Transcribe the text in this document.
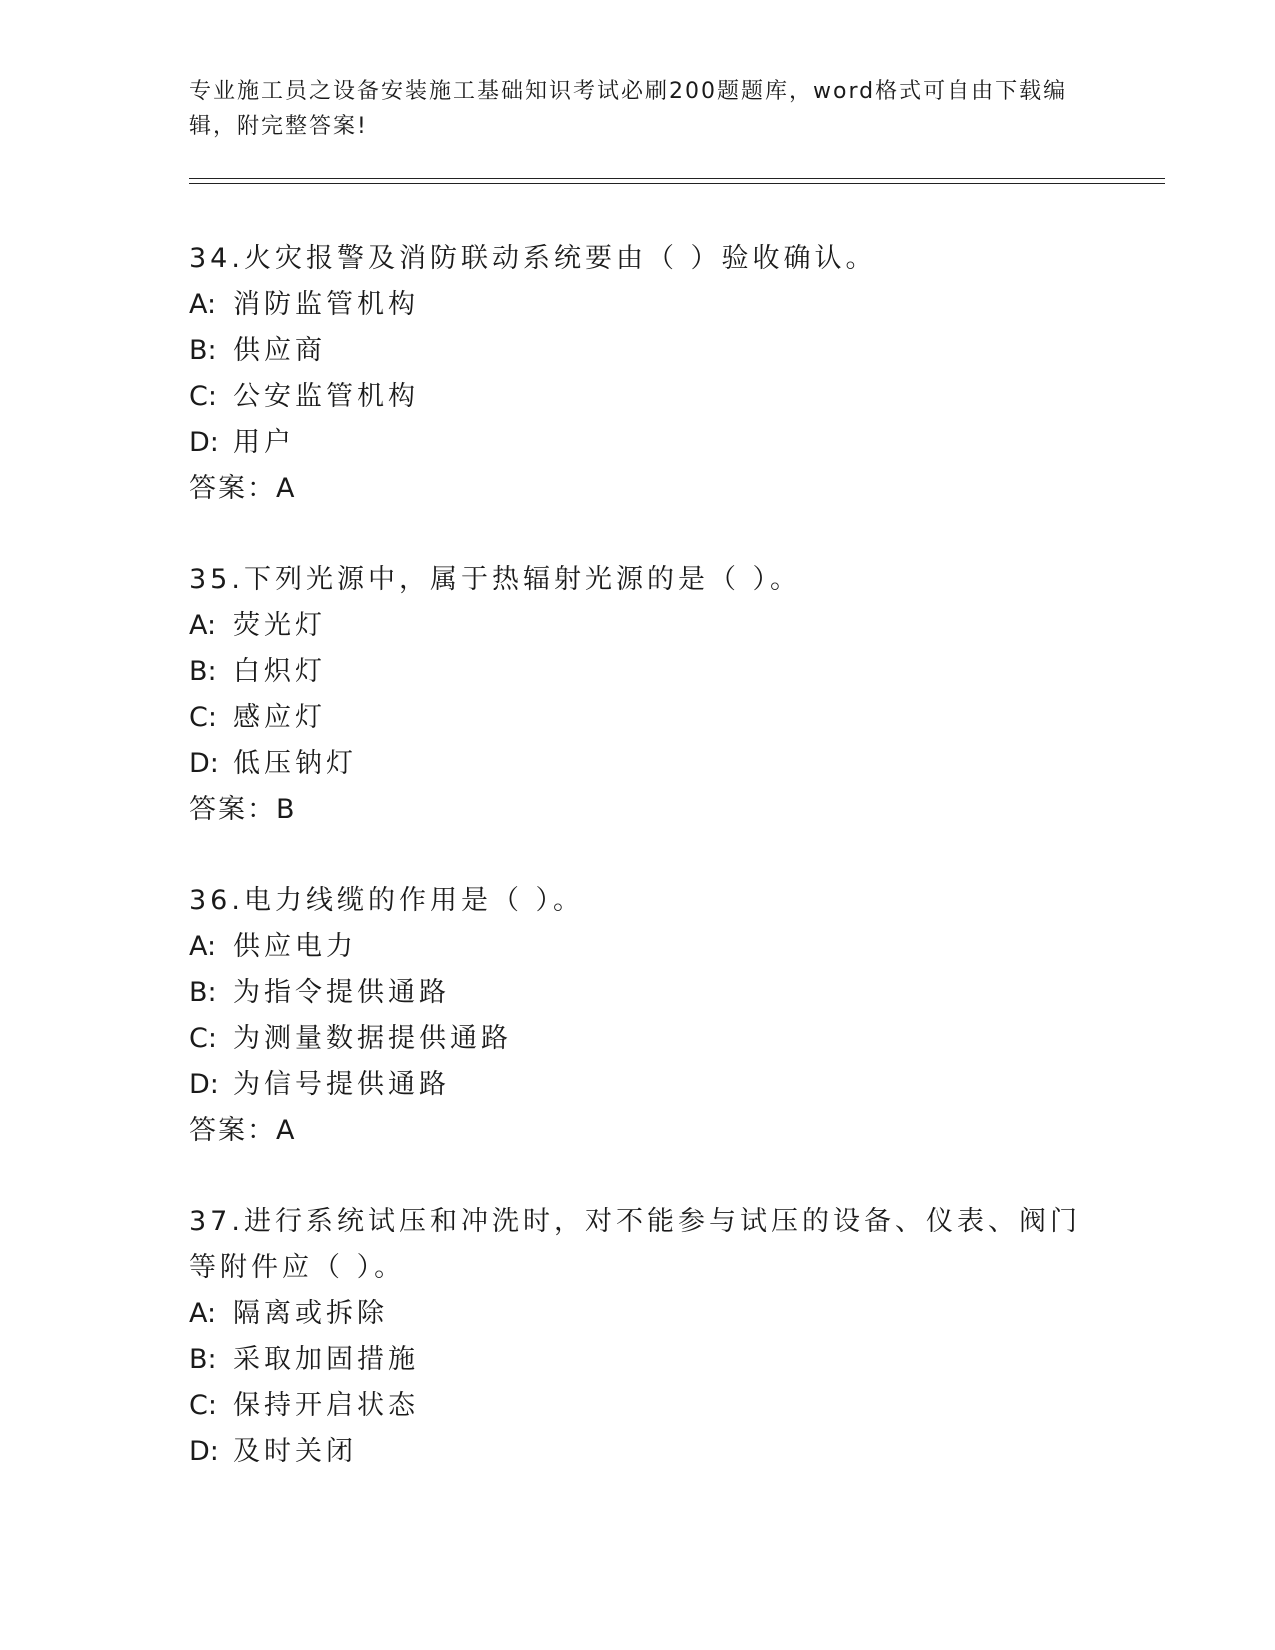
专业施工员之设备安装施工基础知识考试必刷200题题库，word格式可自由下载编辑，附完整答案!

34.火灾报警及消防联动系统要由（ ）验收确认。

A: 消防监管机构
B: 供应商
C: 公安监管机构
D: 用户
答案：A

35.下列光源中，属于热辐射光源的是（ ）。

A: 荧光灯
B: 白炽灯
C: 感应灯
D: 低压钠灯
答案：B

36.电力线缆的作用是（ ）。

A: 供应电力
B: 为指令提供通路
C: 为测量数据提供通路
D: 为信号提供通路
答案：A

37.进行系统试压和冲洗时，对不能参与试压的设备、仪表、阀门等附件应（ ）。

A: 隔离或拆除
B: 采取加固措施
C: 保持开启状态
D: 及时关闭
